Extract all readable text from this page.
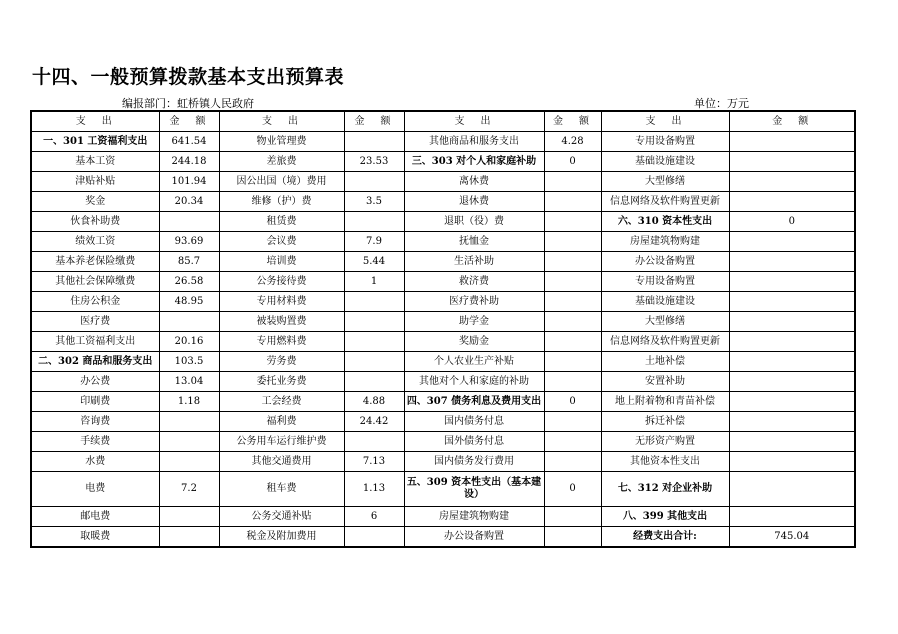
十四、一般预算拨款基本支出预算表
编报部门：虹桥镇人民政府	单位：万元
支　出	金　额	支　出	金　额	支　出	金　额	支　出	金　额
一、301 工资福利支出	641.54	物业管理费		其他商品和服务支出	4.28	专用设备购置	
基本工资	244.18	差旅费	23.53	三、303 对个人和家庭补助	0	基础设施建设	
津贴补贴	101.94	因公出国（境）费用		离休费		大型修缮	
奖金	20.34	维修（护）费	3.5	退休费		信息网络及软件购置更新	
伙食补助费		租赁费		退职（役）费		六、310 资本性支出	0
绩效工资	93.69	会议费	7.9	抚恤金		房屋建筑物购建	
基本养老保险缴费	85.7	培训费	5.44	生活补助		办公设备购置	
其他社会保障缴费	26.58	公务接待费	1	救济费		专用设备购置	
住房公积金	48.95	专用材料费		医疗费补助		基础设施建设	
医疗费		被装购置费		助学金		大型修缮	
其他工资福利支出	20.16	专用燃料费		奖励金		信息网络及软件购置更新	
二、302 商品和服务支出	103.5	劳务费		个人农业生产补贴		土地补偿	
办公费	13.04	委托业务费		其他对个人和家庭的补助		安置补助	
印刷费	1.18	工会经费	4.88	四、307 债务利息及费用支出	0	地上附着物和青苗补偿	
咨询费		福利费	24.42	国内债务付息		拆迁补偿	
手续费		公务用车运行维护费		国外债务付息		无形资产购置	
水费		其他交通费用	7.13	国内债务发行费用		其他资本性支出	
电费	7.2	租车费	1.13	五、309 资本性支出（基本建设）	0	七、312 对企业补助	
邮电费		公务交通补贴	6	房屋建筑物购建		八、399 其他支出	
取暖费		税金及附加费用		办公设备购置		经费支出合计:	745.04
